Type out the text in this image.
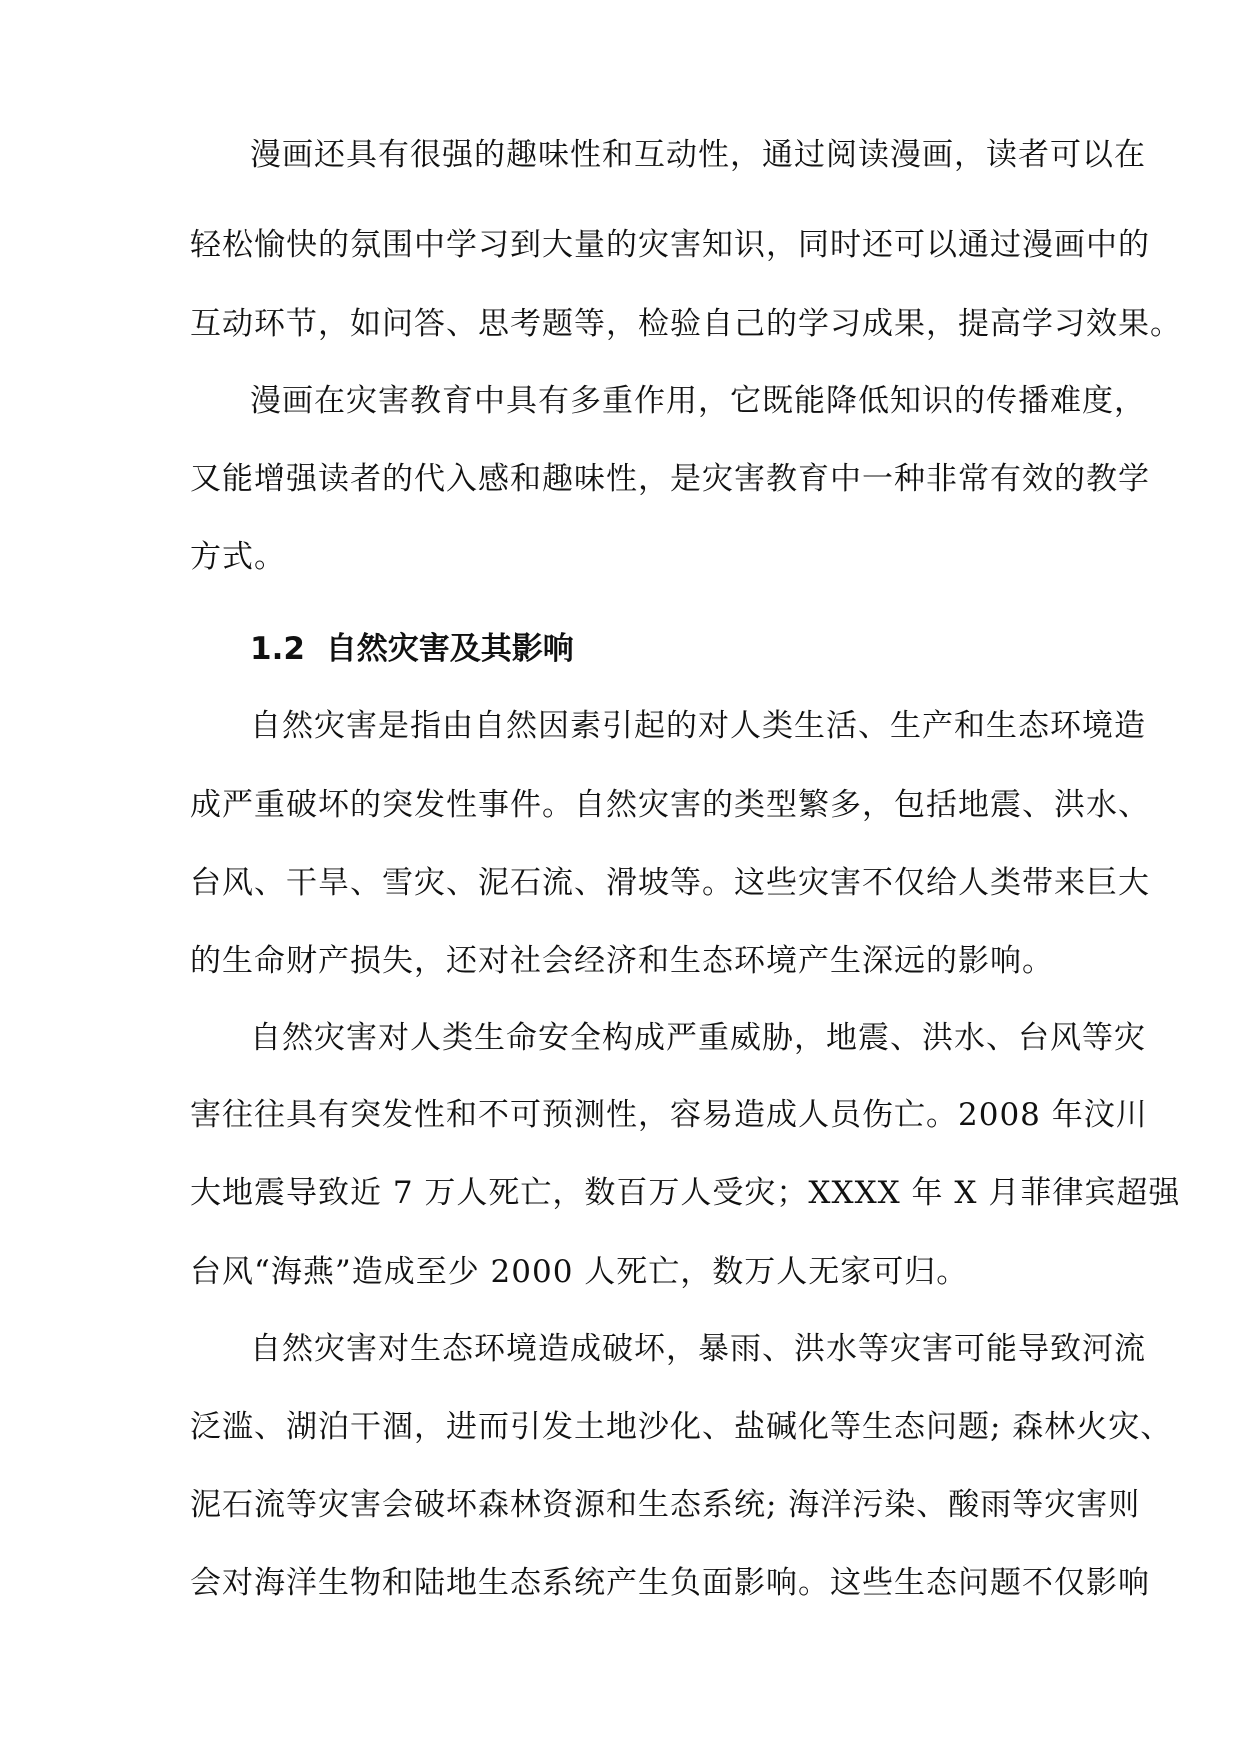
漫画还具有很强的趣味性和互动性，通过阅读漫画，读者可以在
轻松愉快的氛围中学习到大量的灾害知识，同时还可以通过漫画中的
互动环节，如问答、思考题等，检验自己的学习成果，提高学习效果。
漫画在灾害教育中具有多重作用，它既能降低知识的传播难度，
又能增强读者的代入感和趣味性，是灾害教育中一种非常有效的教学
方式。
1.2 自然灾害及其影响
自然灾害是指由自然因素引起的对人类生活、生产和生态环境造
成严重破坏的突发性事件。自然灾害的类型繁多，包括地震、洪水、
台风、干旱、雪灾、泥石流、滑坡等。这些灾害不仅给人类带来巨大
的生命财产损失，还对社会经济和生态环境产生深远的影响。
自然灾害对人类生命安全构成严重威胁，地震、洪水、台风等灾
害往往具有突发性和不可预测性，容易造成人员伤亡。2008 年汶川
大地震导致近 7 万人死亡，数百万人受灾；XXXX 年 X 月菲律宾超强
台风“海燕”造成至少 2000 人死亡，数万人无家可归。
自然灾害对生态环境造成破坏，暴雨、洪水等灾害可能导致河流
泛滥、湖泊干涸，进而引发土地沙化、盐碱化等生态问题; 森林火灾、
泥石流等灾害会破坏森林资源和生态系统; 海洋污染、酸雨等灾害则
会对海洋生物和陆地生态系统产生负面影响。这些生态问题不仅影响
